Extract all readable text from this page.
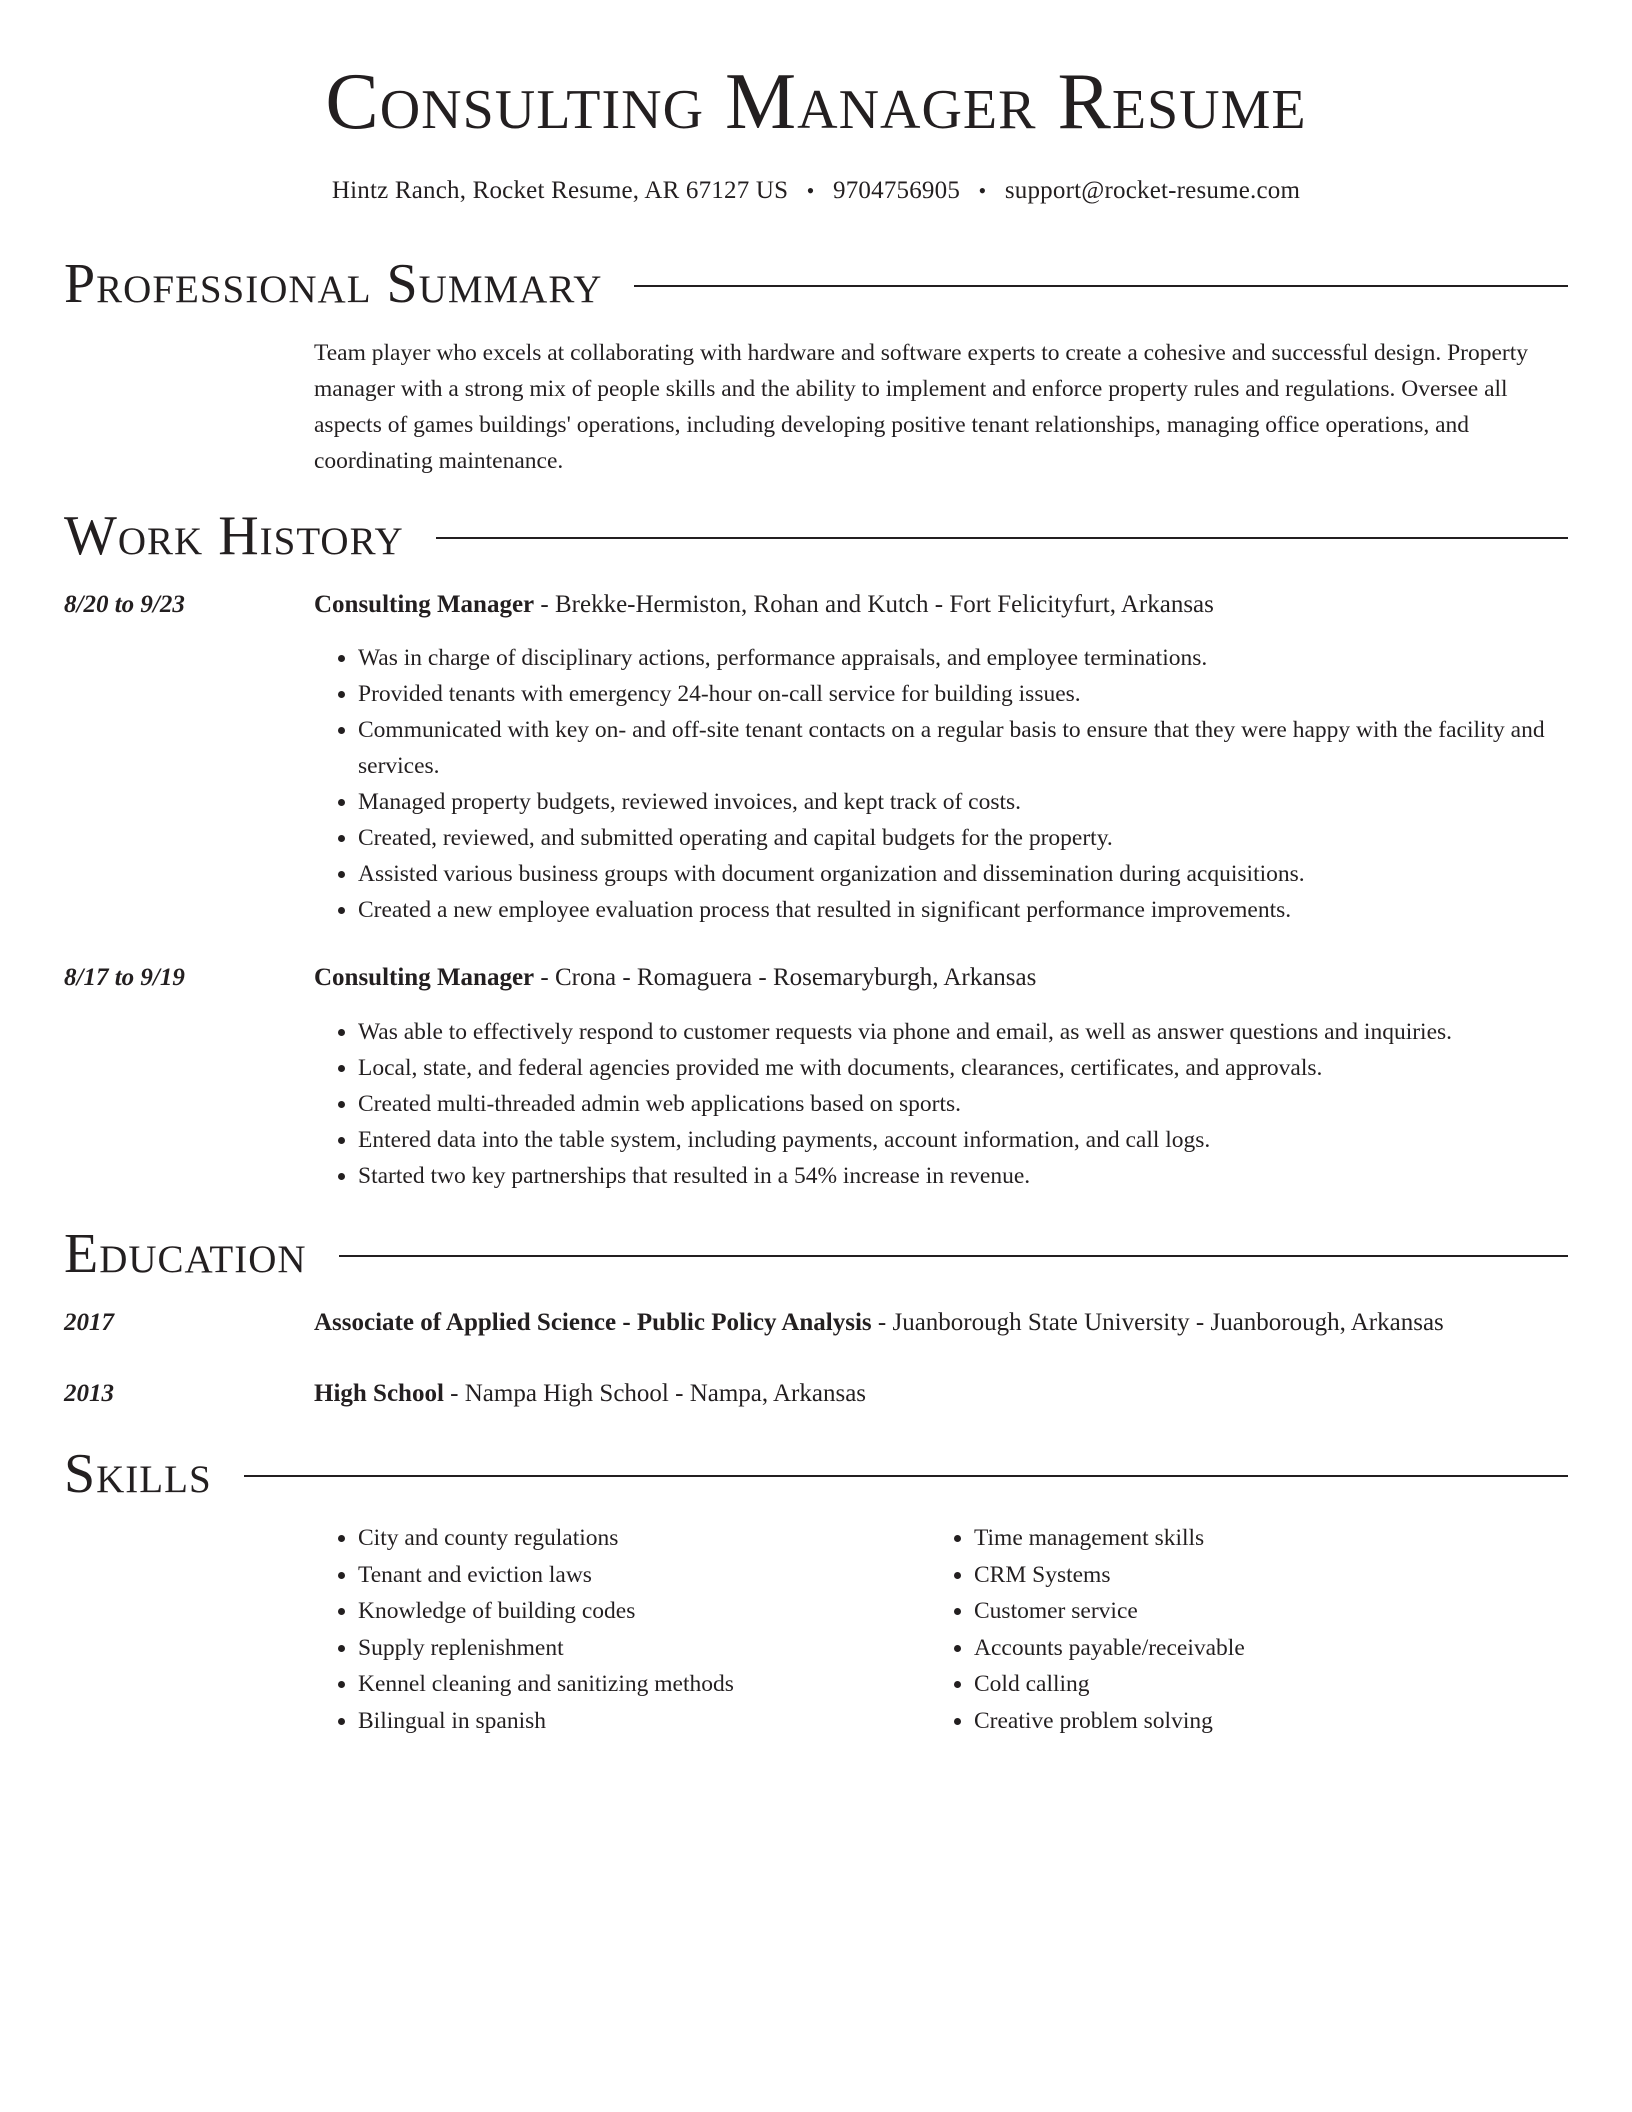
Consulting Manager Resume
Hintz Ranch, Rocket Resume, AR 67127 US • 9704756905 • support@rocket-resume.com
Professional Summary
Team player who excels at collaborating with hardware and software experts to create a cohesive and successful design. Property manager with a strong mix of people skills and the ability to implement and enforce property rules and regulations. Oversee all aspects of games buildings' operations, including developing positive tenant relationships, managing office operations, and coordinating maintenance.
Work History
8/20 to 9/23	Consulting Manager - Brekke-Hermiston, Rohan and Kutch - Fort Felicityfurt, Arkansas
• Was in charge of disciplinary actions, performance appraisals, and employee terminations.
• Provided tenants with emergency 24-hour on-call service for building issues.
• Communicated with key on- and off-site tenant contacts on a regular basis to ensure that they were happy with the facility and services.
• Managed property budgets, reviewed invoices, and kept track of costs.
• Created, reviewed, and submitted operating and capital budgets for the property.
• Assisted various business groups with document organization and dissemination during acquisitions.
• Created a new employee evaluation process that resulted in significant performance improvements.
8/17 to 9/19	Consulting Manager - Crona - Romaguera - Rosemaryburgh, Arkansas
• Was able to effectively respond to customer requests via phone and email, as well as answer questions and inquiries.
• Local, state, and federal agencies provided me with documents, clearances, certificates, and approvals.
• Created multi-threaded admin web applications based on sports.
• Entered data into the table system, including payments, account information, and call logs.
• Started two key partnerships that resulted in a 54% increase in revenue.
Education
2017	Associate of Applied Science - Public Policy Analysis - Juanborough State University - Juanborough, Arkansas
2013	High School - Nampa High School - Nampa, Arkansas
Skills
• City and county regulations
• Tenant and eviction laws
• Knowledge of building codes
• Supply replenishment
• Kennel cleaning and sanitizing methods
• Bilingual in spanish
• Time management skills
• CRM Systems
• Customer service
• Accounts payable/receivable
• Cold calling
• Creative problem solving
